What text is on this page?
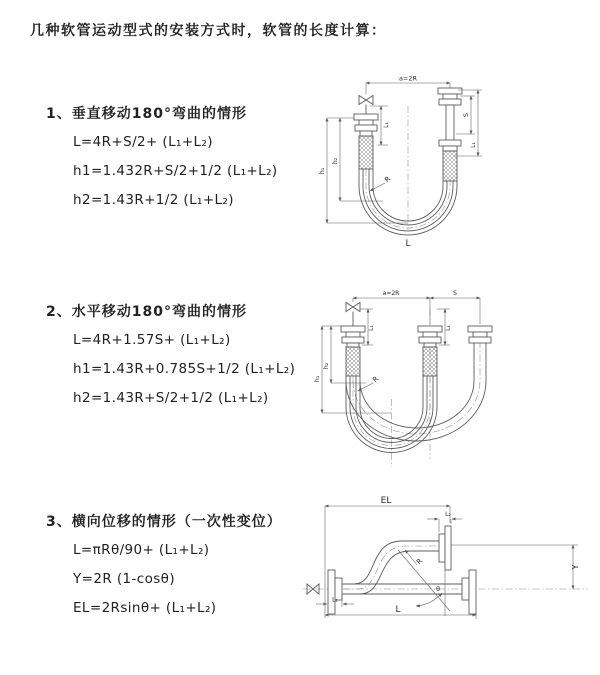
几种软管运动型式的安装方式时，软管的长度计算：
1、垂直移动180°弯曲的情形
L=4R+S/2+ (L₁+L₂)
h1=1.432R+S/2+1/2 (L₁+L₂)
h2=1.43R+1/2 (L₁+L₂)
a=2R
L₁
S
L₁
h₁
h₂
R
L
2、水平移动180°弯曲的情形
L=4R+1.57S+ (L₁+L₂)
h1=1.43R+0.785S+1/2 (L₁+L₂)
h2=1.43R+S/2+1/2 (L₁+L₂)
a=2R	S
L₁	L₁
h₁
h₂
R
3、横向位移的情形（一次性变位）
L=πRθ/90+ (L₁+L₂)
Y=2R (1-cosθ)
EL=2Rsinθ+ (L₁+L₂)
θ
EL
L₂
Y
R
L
L₁
